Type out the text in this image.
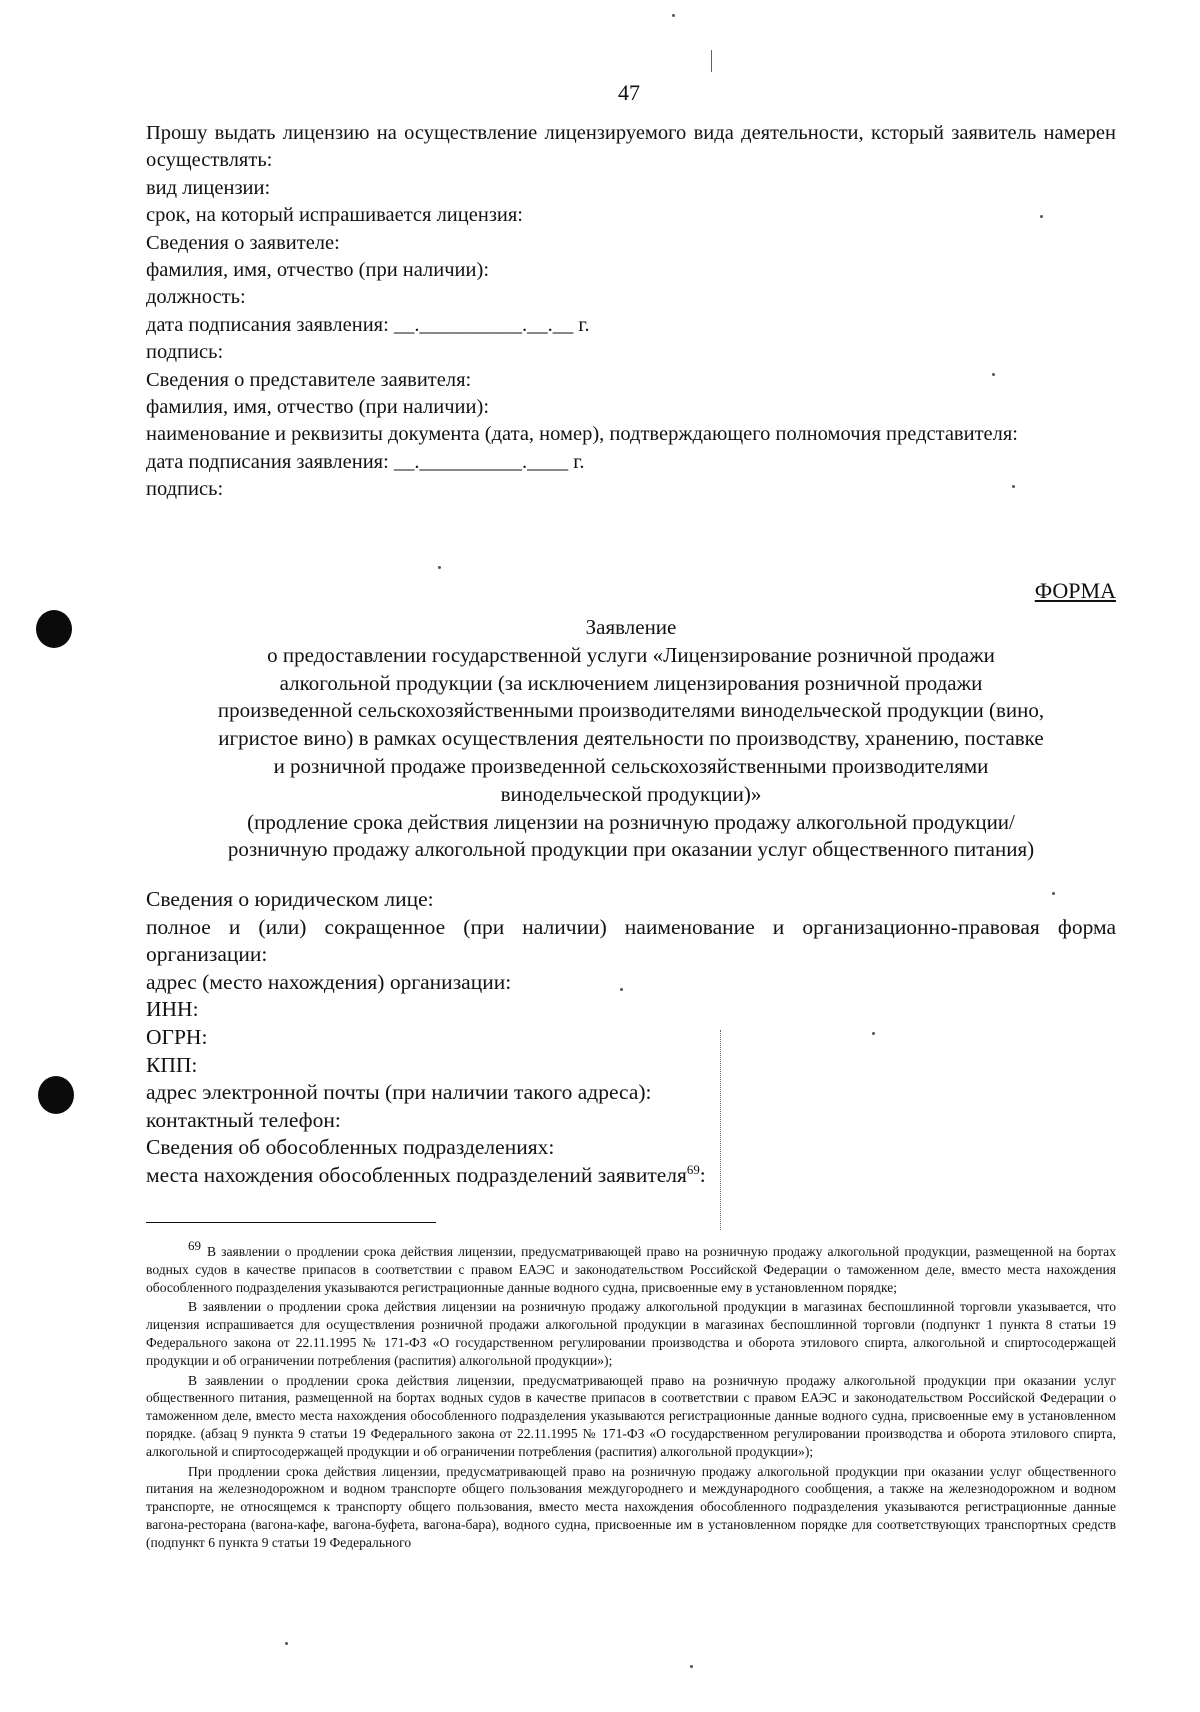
47

Прошу выдать лицензию на осуществление лицензируемого вида деятельности, кcторый заявитель намерен осуществлять:

вид лицензии:

срок, на который испрашивается лицензия:

Сведения о заявителе:

фамилия, имя, отчество (при наличии):

должность:

дата подписания заявления: __.__________.__.__ г.

подпись:

Сведения о представителе заявителя:

фамилия, имя, отчество (при наличии):

наименование и реквизиты документа (дата, номер), подтверждающего полномочия представителя:

дата подписания заявления: __.__________.____ г.

подпись:

ФОРМА

Заявление

о предоставлении государственной услуги «Лицензирование розничной продажи

алкогольной продукции (за исключением лицензирования розничной продажи

произведенной сельскохозяйственными производителями винодельческой продукции (вино,

игристое вино) в рамках осуществления деятельности по производству, хранению, поставке

и розничной продаже произведенной сельскохозяйственными производителями

винодельческой продукции)»

(продление срока действия лицензии на розничную продажу алкогольной продукции/

розничную продажу алкогольной продукции при оказании услуг общественного питания)

Сведения о юридическом лице:

полное и (или) сокращенное (при наличии) наименование и организационно-правовая форма организации:

адрес (место нахождения) организации:

ИНН:

ОГРН:

КПП:

адрес электронной почты (при наличии такого адреса):

контактный телефон:

Сведения об обособленных подразделениях:

места нахождения обособленных подразделений заявителя$^{69}$:

69 В заявлении о продлении срока действия лицензии, предусматривающей право на розничную продажу алкогольной продукции, размещенной на бортах водных судов в качестве припасов в соответствии с правом ЕАЭС и законодательством Российской Федерации о таможенном деле, вместо места нахождения обособленного подразделения указываются регистрационные данные водного судна, присвоенные ему в установленном порядке;

В заявлении о продлении срока действия лицензии на розничную продажу алкогольной продукции в магазинах беспошлинной торговли указывается, что лицензия испрашивается для осуществления розничной продажи алкогольной продукции в магазинах беспошлинной торговли (подпункт 1 пункта 8 статьи 19 Федерального закона от 22.11.1995 № 171-ФЗ «О государственном регулировании производства и оборота этилового спирта, алкогольной и спиртосодержащей продукции и об ограничении потребления (распития) алкогольной продукции»);

В заявлении о продлении срока действия лицензии, предусматривающей право на розничную продажу алкогольной продукции при оказании услуг общественного питания, размещенной на бортах водных судов в качестве припасов в соответствии с правом ЕАЭС и законодательством Российской Федерации о таможенном деле, вместо места нахождения обособленного подразделения указываются регистрационные данные водного судна, присвоенные ему в установленном порядке. (абзац 9 пункта 9 статьи 19 Федерального закона от 22.11.1995 № 171-ФЗ «О государственном регулировании производства и оборота этилового спирта, алкогольной и спиртосодержащей продукции и об ограничении потребления (распития) алкогольной продукции»);

При продлении срока действия лицензии, предусматривающей право на розничную продажу алкогольной продукции при оказании услуг общественного питания на железнодорожном и водном транспорте общего пользования междугороднего и международного сообщения, а также на железнодорожном и водном транспорте, не относящемся к транспорту общего пользования, вместо места нахождения обособленного подразделения указываются регистрационные данные вагона-ресторана (вагона-кафе, вагона-буфета, вагона-бара), водного судна, присвоенные им в установленном порядке для соответствующих транспортных средств (подпункт 6 пункта 9 статьи 19 Федерального
